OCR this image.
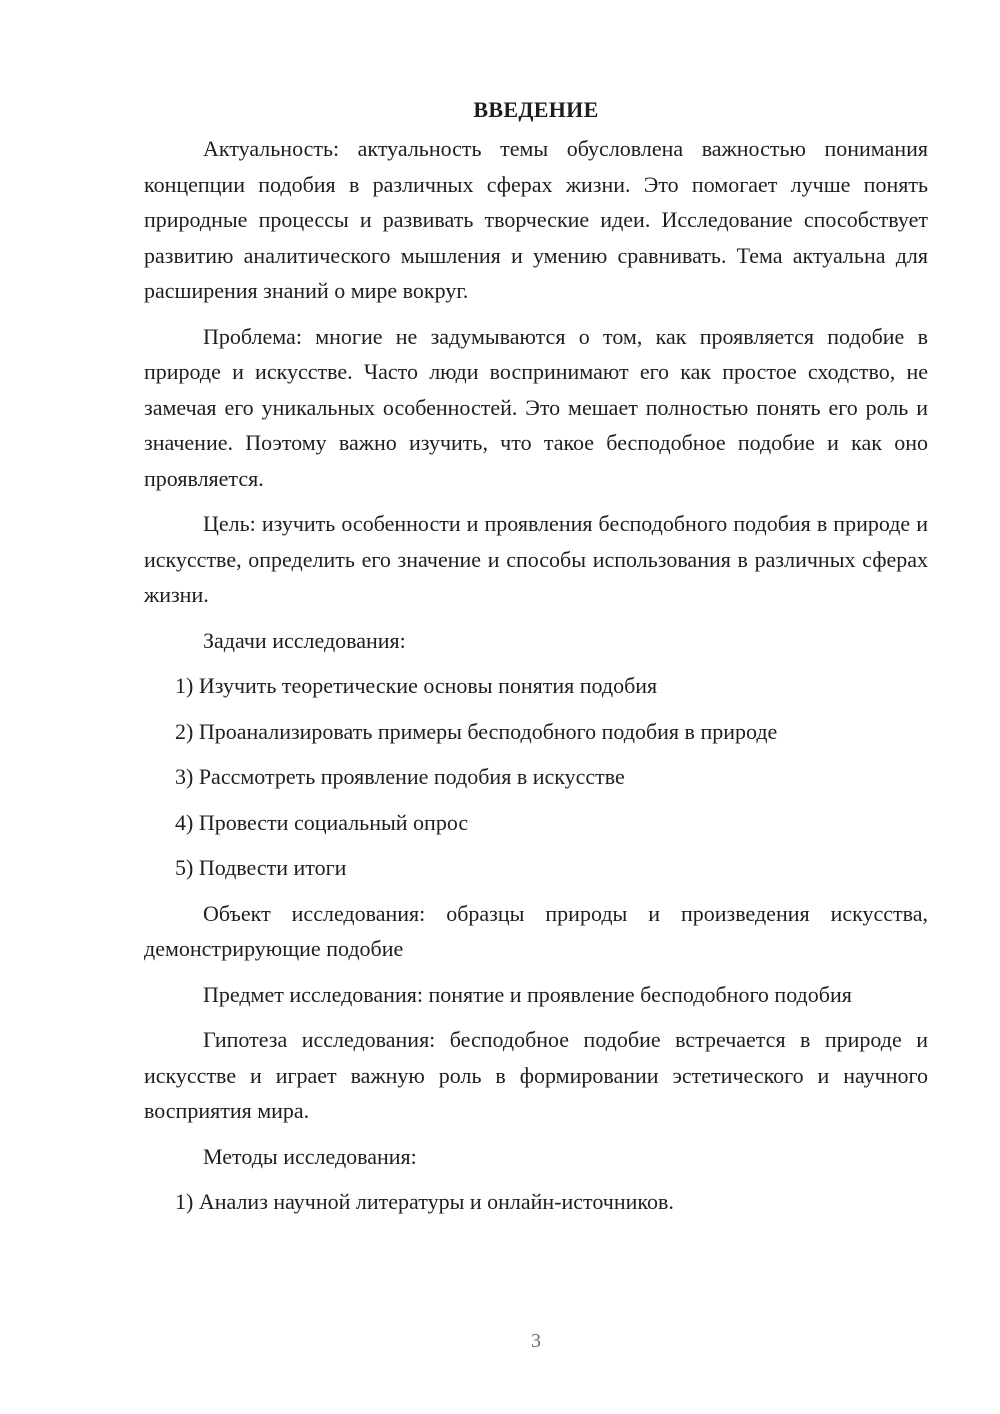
ВВЕДЕНИЕ

Актуальность: актуальность темы обусловлена важностью понимания концепции подобия в различных сферах жизни. Это помогает лучше понять природные процессы и развивать творческие идеи. Исследование способствует развитию аналитического мышления и умению сравнивать. Тема актуальна для расширения знаний о мире вокруг.

Проблема: многие не задумываются о том, как проявляется подобие в природе и искусстве. Часто люди воспринимают его как простое сходство, не замечая его уникальных особенностей. Это мешает полностью понять его роль и значение. Поэтому важно изучить, что такое бесподобное подобие и как оно проявляется.

Цель: изучить особенности и проявления бесподобного подобия в природе и искусстве, определить его значение и способы использования в различных сферах жизни.

Задачи исследования:

1) Изучить теоретические основы понятия подобия
2) Проанализировать примеры бесподобного подобия в природе
3) Рассмотреть проявление подобия в искусстве
4) Провести социальный опрос
5) Подвести итоги

Объект исследования: образцы природы и произведения искусства, демонстрирующие подобие

Предмет исследования: понятие и проявление бесподобного подобия

Гипотеза исследования: бесподобное подобие встречается в природе и искусстве и играет важную роль в формировании эстетического и научного восприятия мира.

Методы исследования:

1) Анализ научной литературы и онлайн-источников.
3
